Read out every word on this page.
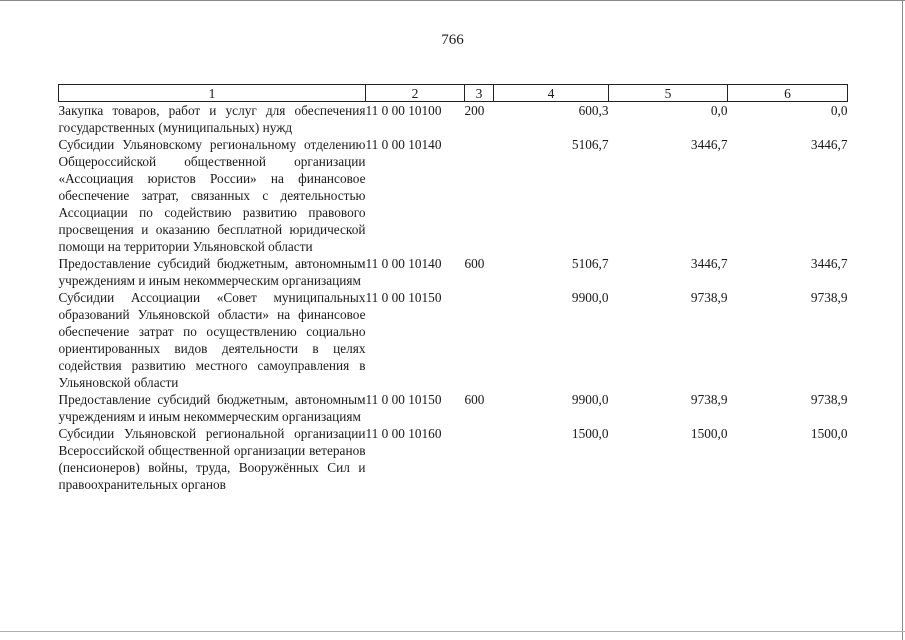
766
1	2	3	4	5	6
Закупка товаров, работ и услуг для обеспечения государственных (муниципальных) нужд	11 0 00 10100	200	600,3	0,0	0,0
Субсидии Ульяновскому региональному отделению Общероссийской общественной организации «Ассоциация юристов России» на финансовое обеспечение затрат, связанных с деятельностью Ассоциации по содействию развитию правового просвещения и оказанию бесплатной юридической помощи на территории Ульяновской области	11 0 00 10140		5106,7	3446,7	3446,7
Предоставление субсидий бюджетным, автономным учреждениям и иным некоммерческим организациям	11 0 00 10140	600	5106,7	3446,7	3446,7
Субсидии Ассоциации «Совет муниципальных образований Ульяновской области» на финансовое обеспечение затрат по осуществлению социально ориентированных видов деятельности в целях содействия развитию местного самоуправления в Ульяновской области	11 0 00 10150		9900,0	9738,9	9738,9
Предоставление субсидий бюджетным, автономным учреждениям и иным некоммерческим организациям	11 0 00 10150	600	9900,0	9738,9	9738,9
Субсидии Ульяновской региональной организации Всероссийской общественной организации ветеранов (пенсионеров) войны, труда, Вооружённых Сил и правоохранительных органов	11 0 00 10160		1500,0	1500,0	1500,0
